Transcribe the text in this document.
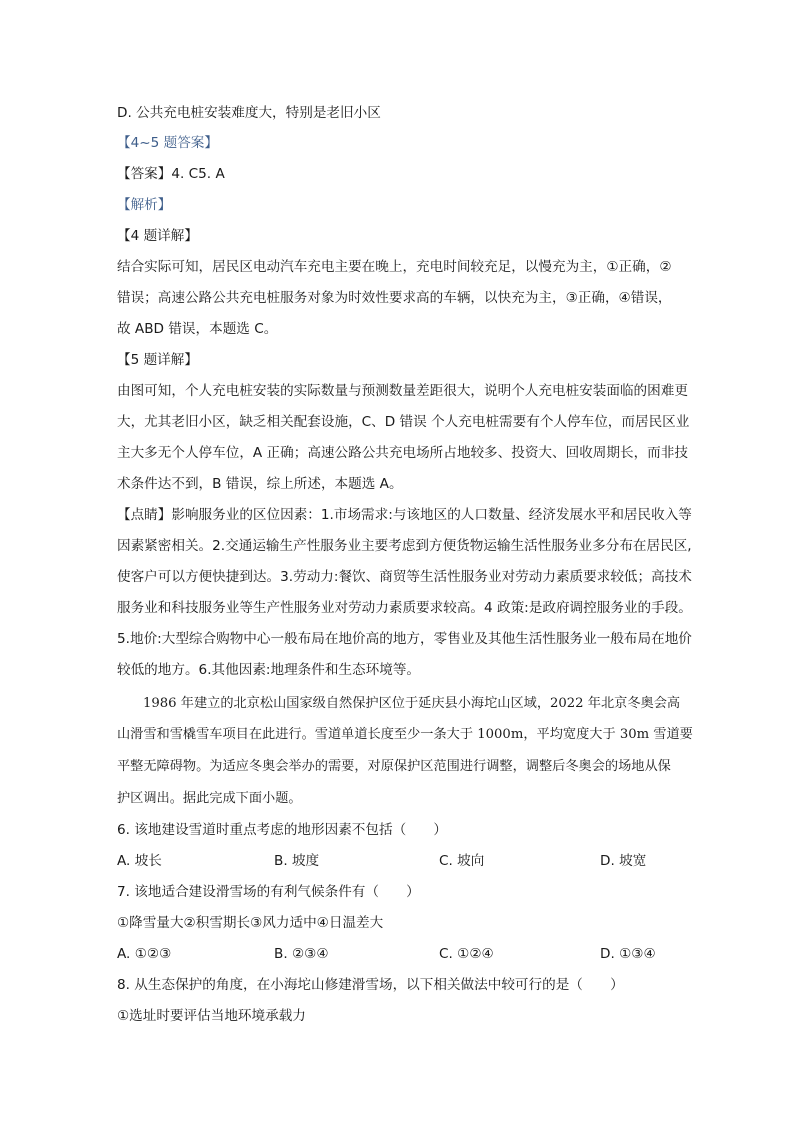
D. 公共充电桩安装难度大，特别是老旧小区
【4~5 题答案】
【答案】4. C5. A
【解析】
【4 题详解】
结合实际可知，居民区电动汽车充电主要在晚上，充电时间较充足，以慢充为主，①正确，②
错误；高速公路公共充电桩服务对象为时效性要求高的车辆，以快充为主，③正确，④错误，
故 ABD 错误，本题选 C。
【5 题详解】
由图可知，个人充电桩安装的实际数量与预测数量差距很大，说明个人充电桩安装面临的困难更
大，尤其老旧小区，缺乏相关配套设施，C、D 错误 个人充电桩需要有个人停车位，而居民区业
主大多无个人停车位，A 正确；高速公路公共充电场所占地较多、投资大、回收周期长，而非技
术条件达不到，B 错误，综上所述，本题选 A。
【点睛】影响服务业的区位因素：1.市场需求:与该地区的人口数量、经济发展水平和居民收入等
因素紧密相关。2.交通运输生产性服务业主要考虑到方便货物运输生活性服务业多分布在居民区,
使客户可以方便快捷到达。3.劳动力:餐饮、商贸等生活性服务业对劳动力素质要求较低；高技术
服务业和科技服务业等生产性服务业对劳动力素质要求较高。4 政策:是政府调控服务业的手段。
5.地价:大型综合购物中心一般布局在地价高的地方，零售业及其他生活性服务业一般布局在地价
较低的地方。6.其他因素:地理条件和生态环境等。
1986 年建立的北京松山国家级自然保护区位于延庆县小海坨山区域，2022 年北京冬奥会高
山滑雪和雪橇雪车项目在此进行。雪道单道长度至少一条大于 1000m，平均宽度大于 30m 雪道要
平整无障碍物。为适应冬奥会举办的需要，对原保护区范围进行调整，调整后冬奥会的场地从保
护区调出。据此完成下面小题。
6. 该地建设雪道时重点考虑的地形因素不包括（　　）
A. 坡长	B. 坡度	C. 坡向	D. 坡宽
7. 该地适合建设滑雪场的有利气候条件有（　　）
①降雪量大②积雪期长③风力适中④日温差大
A. ①②③	B. ②③④	C. ①②④	D. ①③④
8. 从生态保护的角度，在小海坨山修建滑雪场，以下相关做法中较可行的是（　　）
①选址时要评估当地环境承载力
